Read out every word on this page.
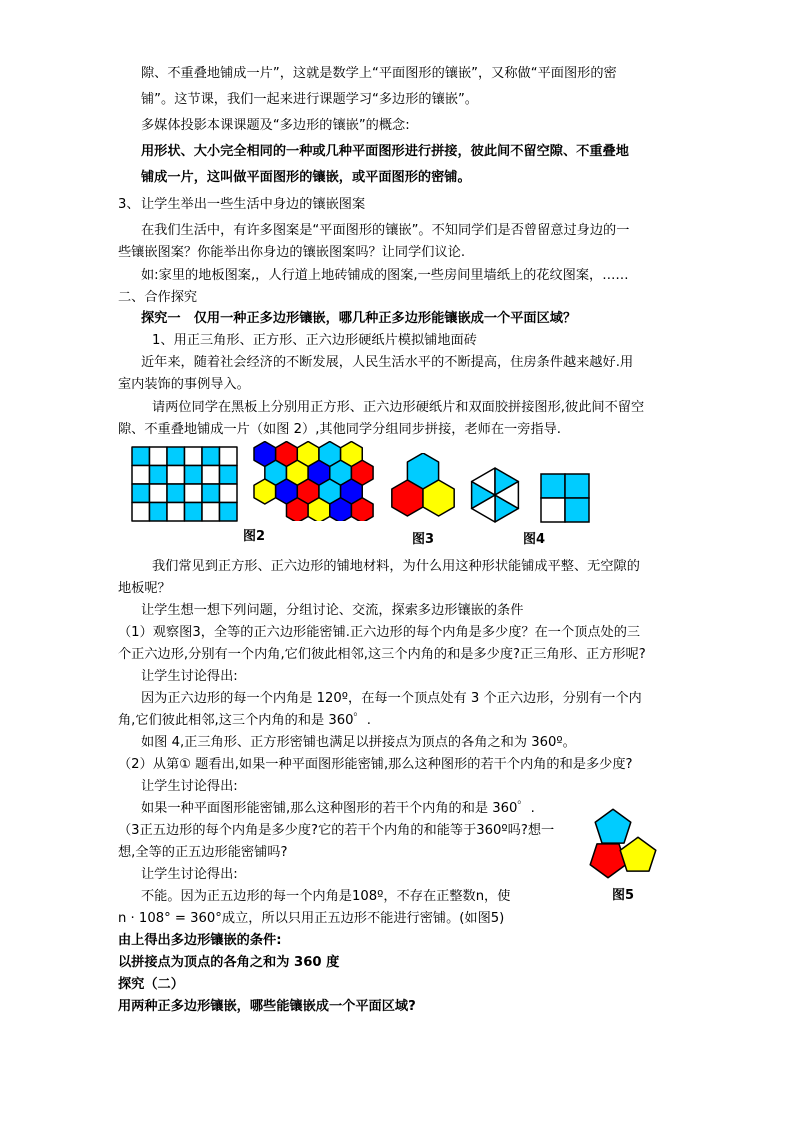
隙、不重叠地铺成一片”，这就是数学上“平面图形的镶嵌”，又称做“平面图形的密
铺”。这节课，我们一起来进行课题学习“多边形的镶嵌”。
多媒体投影本课课题及“多边形的镶嵌”的概念:
用形状、大小完全相同的一种或几种平面图形进行拼接，彼此间不留空隙、不重叠地
铺成一片，这叫做平面图形的镶嵌，或平面图形的密铺。
3、 让学生举出一些生活中身边的镶嵌图案
在我们生活中，有许多图案是“平面图形的镶嵌”。不知同学们是否曾留意过身边的一
些镶嵌图案？你能举出你身边的镶嵌图案吗？让同学们议论.
如:家里的地板图案,，人行道上地砖铺成的图案,一些房间里墙纸上的花纹图案，……
二、合作探究
探究一　仅用一种正多边形镶嵌，哪几种正多边形能镶嵌成一个平面区域？
1、用正三角形、正方形、正六边形硬纸片模拟铺地面砖
近年来，随着社会经济的不断发展，人民生活水平的不断提高，住房条件越来越好.用
室内装饰的事例导入。
请两位同学在黑板上分别用正方形、正六边形硬纸片和双面胶拼接图形,彼此间不留空
隙、不重叠地铺成一片（如图 2）,其他同学分组同步拼接，老师在一旁指导.
图2	图3	图4
我们常见到正方形、正六边形的铺地材料，为什么用这种形状能铺成平整、无空隙的
地板呢？
让学生想一想下列问题，分组讨论、交流，探索多边形镶嵌的条件
（1）观察图3，全等的正六边形能密铺.正六边形的每个内角是多少度？在一个顶点处的三
个正六边形,分别有一个内角,它们彼此相邻,这三个内角的和是多少度?正三角形、正方形呢?
让学生讨论得出:
因为正六边形的每一个内角是 120º，在每一个顶点处有 3 个正六边形，分别有一个内
角,它们彼此相邻,这三个内角的和是 360゜.
如图 4,正三角形、正方形密铺也满足以拼接点为顶点的各角之和为 360º。
（2）从第① 题看出,如果一种平面图形能密铺,那么这种图形的若干个内角的和是多少度?
让学生讨论得出:
如果一种平面图形能密铺,那么这种图形的若干个内角的和是 360゜.
（3正五边形的每个内角是多少度?它的若干个内角的和能等于360º吗?想一
想,全等的正五边形能密铺吗?
让学生讨论得出:
不能。因为正五边形的每一个内角是108º，不存在正整数n，使
n · 108° = 360°成立，所以只用正五边形不能进行密铺。(如图5)
由上得出多边形镶嵌的条件:
以拼接点为顶点的各角之和为 360 度
探究（二）
用两种正多边形镶嵌，哪些能镶嵌成一个平面区域?
图5
